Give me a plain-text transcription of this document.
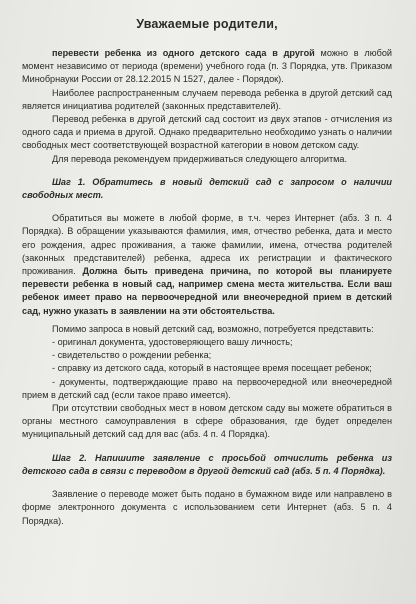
Уважаемые родители,

перевести ребенка из одного детского сада в другой можно в любой момент независимо от периода (времени) учебного года (п. 3 Порядка, утв. Приказом Минобрнауки России от 28.12.2015 N 1527, далее - Порядок).

Наиболее распространенным случаем перевода ребенка в другой детский сад является инициатива родителей (законных представителей).

Перевод ребенка в другой детский сад состоит из двух этапов - отчисления из одного сада и приема в другой. Однако предварительно необходимо узнать о наличии свободных мест соответствующей возрастной категории в новом детском саду.

Для перевода рекомендуем придерживаться следующего алгоритма.

Шаг 1. Обратитесь в новый детский сад с запросом о наличии свободных мест.

Обратиться вы можете в любой форме, в т.ч. через Интернет (абз. 3 п. 4 Порядка). В обращении указываются фамилия, имя, отчество ребенка, дата и место его рождения, адрес проживания, а также фамилии, имена, отчества родителей (законных представителей) ребенка, адреса их регистрации и фактического проживания. Должна быть приведена причина, по которой вы планируете перевести ребенка в новый сад, например смена места жительства. Если ваш ребенок имеет право на первоочередной или внеочередной прием в детский сад, нужно указать в заявлении на эти обстоятельства.

Помимо запроса в новый детский сад, возможно, потребуется представить:

- оригинал документа, удостоверяющего вашу личность;

- свидетельство о рождении ребенка;

- справку из детского сада, который в настоящее время посещает ребенок;

- документы, подтверждающие право на первоочередной или внеочередной прием в детский сад (если такое право имеется).

При отсутствии свободных мест в новом детском саду вы можете обратиться в органы местного самоуправления в сфере образования, где будет определен муниципальный детский сад для вас (абз. 4 п. 4 Порядка).

Шаг 2. Напишите заявление с просьбой отчислить ребенка из детского сада в связи с переводом в другой детский сад (абз. 5 п. 4 Порядка).

Заявление о переводе может быть подано в бумажном виде или направлено в форме электронного документа с использованием сети Интернет (абз. 5 п. 4 Порядка).
